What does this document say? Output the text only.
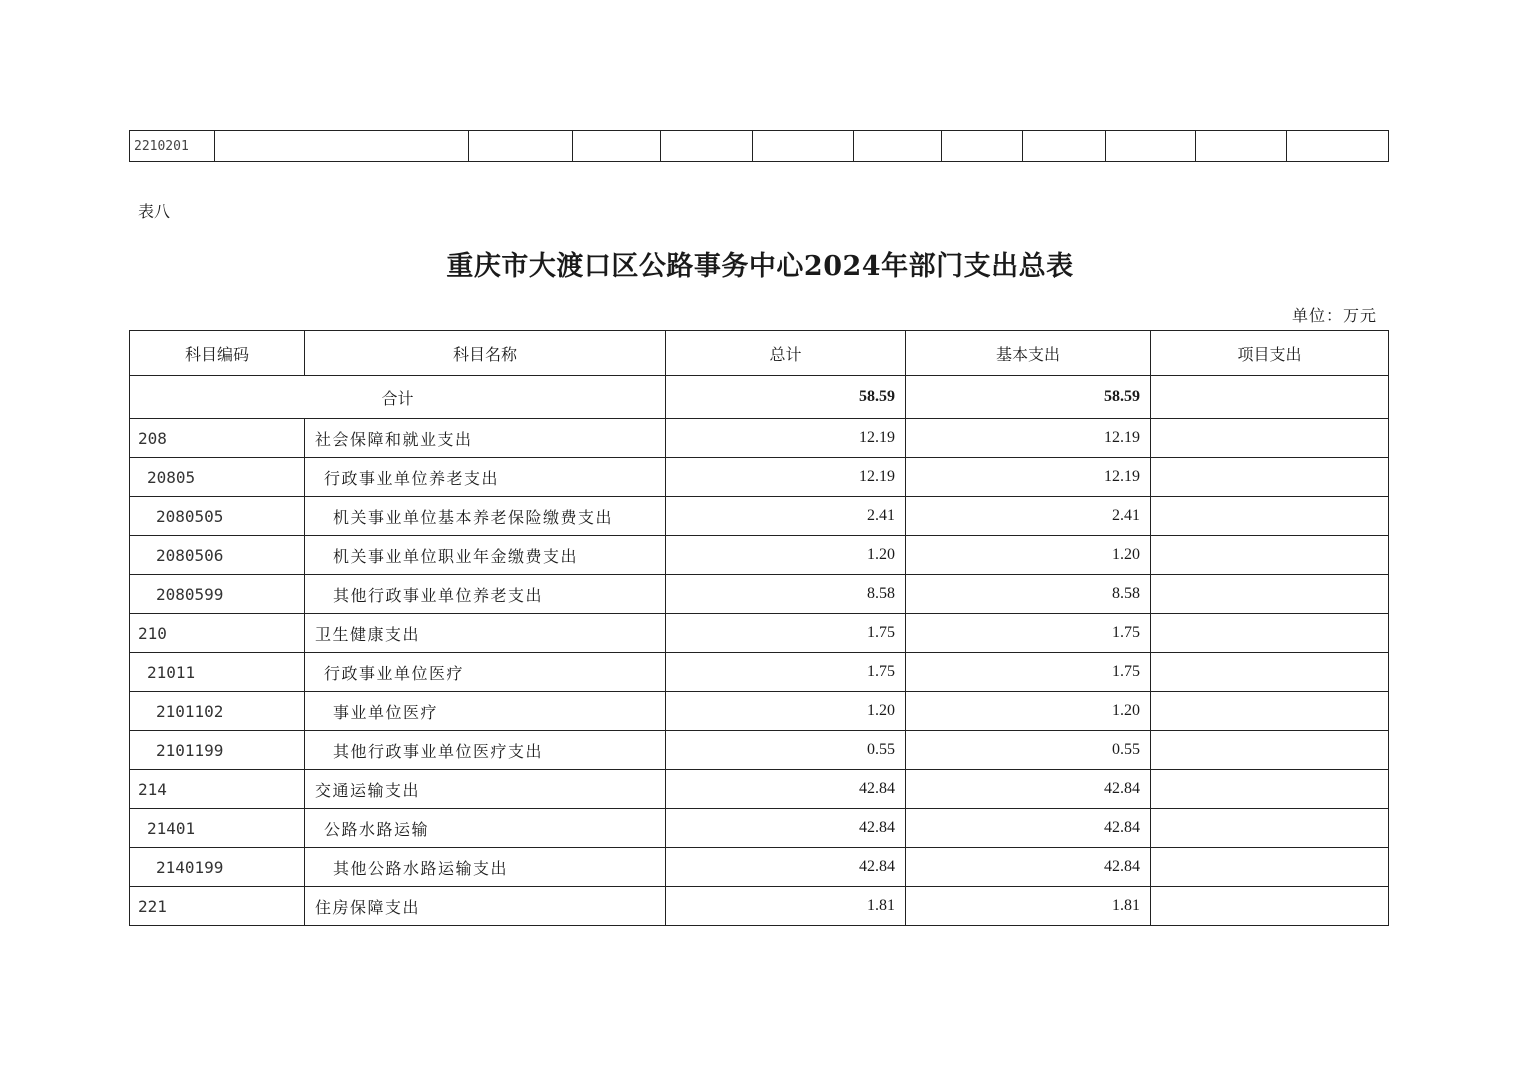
2210201											
表八
重庆市大渡口区公路事务中心2024年部门支出总表
单位：万元
科目编码	科目名称	总计	基本支出	项目支出
合计		58.59	58.59	
208	社会保障和就业支出	12.19	12.19	
20805	行政事业单位养老支出	12.19	12.19	
2080505	机关事业单位基本养老保险缴费支出	2.41	2.41	
2080506	机关事业单位职业年金缴费支出	1.20	1.20	
2080599	其他行政事业单位养老支出	8.58	8.58	
210	卫生健康支出	1.75	1.75	
21011	行政事业单位医疗	1.75	1.75	
2101102	事业单位医疗	1.20	1.20	
2101199	其他行政事业单位医疗支出	0.55	0.55	
214	交通运输支出	42.84	42.84	
21401	公路水路运输	42.84	42.84	
2140199	其他公路水路运输支出	42.84	42.84	
221	住房保障支出	1.81	1.81	
